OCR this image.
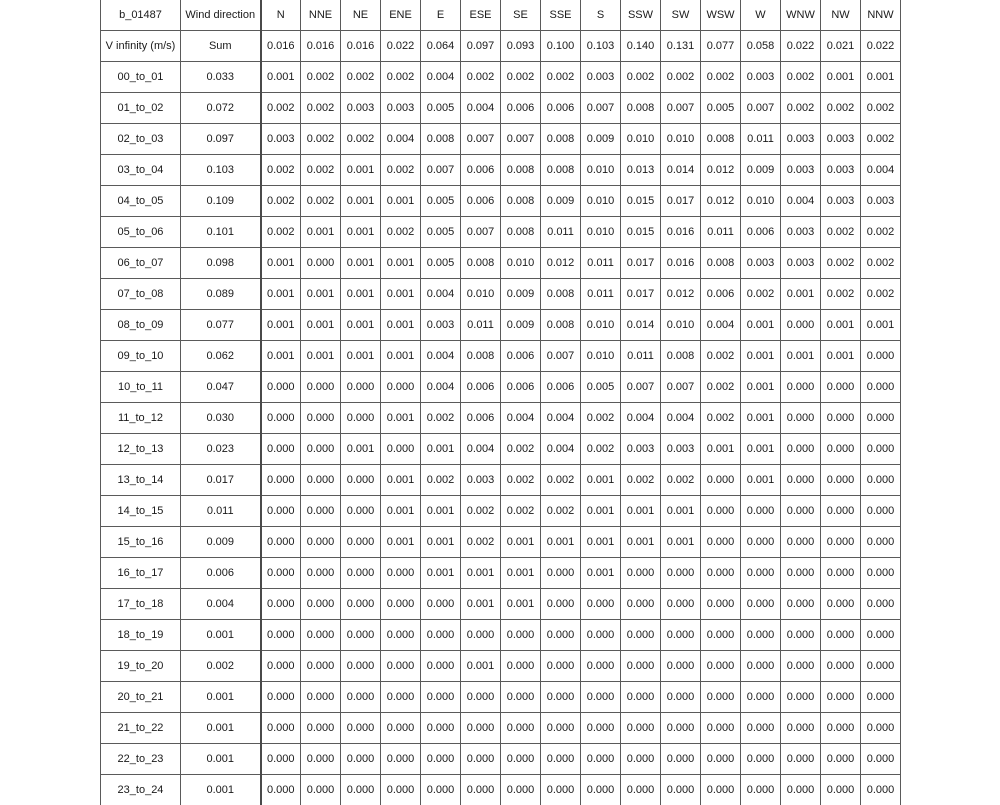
b_01487	Wind direction	N	NNE	NE	ENE	E	ESE	SE	SSE	S	SSW	SW	WSW	W	WNW	NW	NNW
V infinity (m/s)	Sum	0.016	0.016	0.016	0.022	0.064	0.097	0.093	0.100	0.103	0.140	0.131	0.077	0.058	0.022	0.021	0.022
00_to_01	0.033	0.001	0.002	0.002	0.002	0.004	0.002	0.002	0.002	0.003	0.002	0.002	0.002	0.003	0.002	0.001	0.001
01_to_02	0.072	0.002	0.002	0.003	0.003	0.005	0.004	0.006	0.006	0.007	0.008	0.007	0.005	0.007	0.002	0.002	0.002
02_to_03	0.097	0.003	0.002	0.002	0.004	0.008	0.007	0.007	0.008	0.009	0.010	0.010	0.008	0.011	0.003	0.003	0.002
03_to_04	0.103	0.002	0.002	0.001	0.002	0.007	0.006	0.008	0.008	0.010	0.013	0.014	0.012	0.009	0.003	0.003	0.004
04_to_05	0.109	0.002	0.002	0.001	0.001	0.005	0.006	0.008	0.009	0.010	0.015	0.017	0.012	0.010	0.004	0.003	0.003
05_to_06	0.101	0.002	0.001	0.001	0.002	0.005	0.007	0.008	0.011	0.010	0.015	0.016	0.011	0.006	0.003	0.002	0.002
06_to_07	0.098	0.001	0.000	0.001	0.001	0.005	0.008	0.010	0.012	0.011	0.017	0.016	0.008	0.003	0.003	0.002	0.002
07_to_08	0.089	0.001	0.001	0.001	0.001	0.004	0.010	0.009	0.008	0.011	0.017	0.012	0.006	0.002	0.001	0.002	0.002
08_to_09	0.077	0.001	0.001	0.001	0.001	0.003	0.011	0.009	0.008	0.010	0.014	0.010	0.004	0.001	0.000	0.001	0.001
09_to_10	0.062	0.001	0.001	0.001	0.001	0.004	0.008	0.006	0.007	0.010	0.011	0.008	0.002	0.001	0.001	0.001	0.000
10_to_11	0.047	0.000	0.000	0.000	0.000	0.004	0.006	0.006	0.006	0.005	0.007	0.007	0.002	0.001	0.000	0.000	0.000
11_to_12	0.030	0.000	0.000	0.000	0.001	0.002	0.006	0.004	0.004	0.002	0.004	0.004	0.002	0.001	0.000	0.000	0.000
12_to_13	0.023	0.000	0.000	0.001	0.000	0.001	0.004	0.002	0.004	0.002	0.003	0.003	0.001	0.001	0.000	0.000	0.000
13_to_14	0.017	0.000	0.000	0.000	0.001	0.002	0.003	0.002	0.002	0.001	0.002	0.002	0.000	0.001	0.000	0.000	0.000
14_to_15	0.011	0.000	0.000	0.000	0.001	0.001	0.002	0.002	0.002	0.001	0.001	0.001	0.000	0.000	0.000	0.000	0.000
15_to_16	0.009	0.000	0.000	0.000	0.001	0.001	0.002	0.001	0.001	0.001	0.001	0.001	0.000	0.000	0.000	0.000	0.000
16_to_17	0.006	0.000	0.000	0.000	0.000	0.001	0.001	0.001	0.000	0.001	0.000	0.000	0.000	0.000	0.000	0.000	0.000
17_to_18	0.004	0.000	0.000	0.000	0.000	0.000	0.001	0.001	0.000	0.000	0.000	0.000	0.000	0.000	0.000	0.000	0.000
18_to_19	0.001	0.000	0.000	0.000	0.000	0.000	0.000	0.000	0.000	0.000	0.000	0.000	0.000	0.000	0.000	0.000	0.000
19_to_20	0.002	0.000	0.000	0.000	0.000	0.000	0.001	0.000	0.000	0.000	0.000	0.000	0.000	0.000	0.000	0.000	0.000
20_to_21	0.001	0.000	0.000	0.000	0.000	0.000	0.000	0.000	0.000	0.000	0.000	0.000	0.000	0.000	0.000	0.000	0.000
21_to_22	0.001	0.000	0.000	0.000	0.000	0.000	0.000	0.000	0.000	0.000	0.000	0.000	0.000	0.000	0.000	0.000	0.000
22_to_23	0.001	0.000	0.000	0.000	0.000	0.000	0.000	0.000	0.000	0.000	0.000	0.000	0.000	0.000	0.000	0.000	0.000
23_to_24	0.001	0.000	0.000	0.000	0.000	0.000	0.000	0.000	0.000	0.000	0.000	0.000	0.000	0.000	0.000	0.000	0.000
